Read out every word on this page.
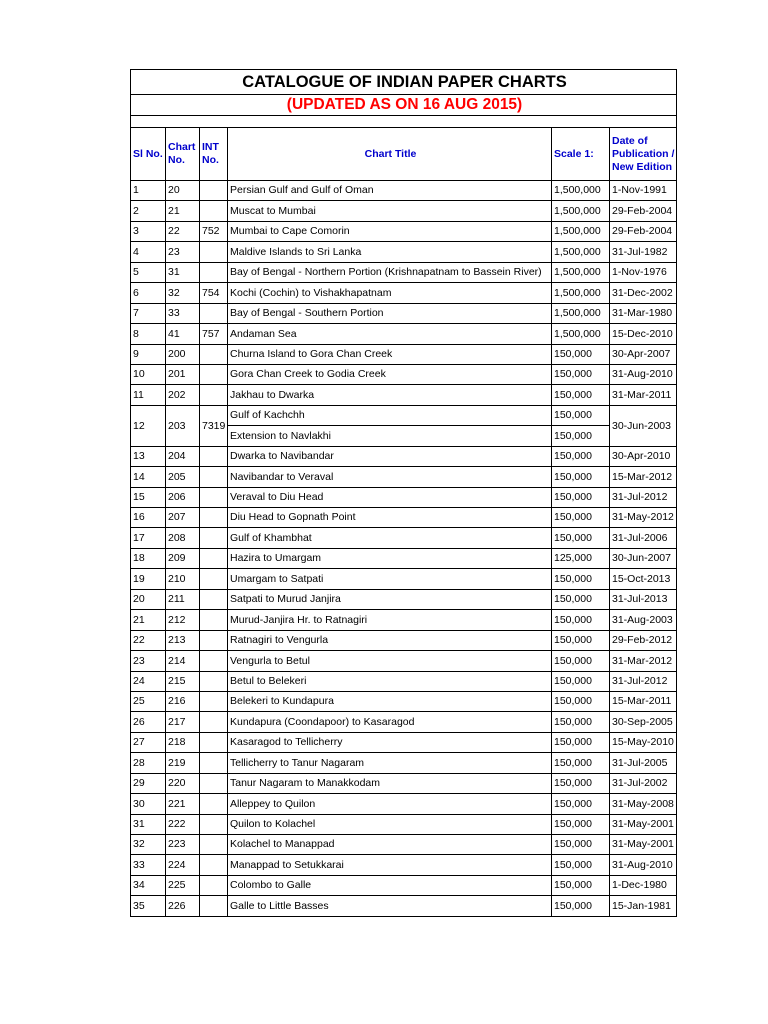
CATALOGUE OF INDIAN PAPER CHARTS					
(UPDATED AS ON 16 AUG 2015)					

Sl No.	Chart No.	INT No.	Chart Title	Scale 1:	Date of Publication / New Edition
1	20		Persian Gulf and Gulf of Oman	1,500,000	1-Nov-1991
2	21		Muscat to Mumbai	1,500,000	29-Feb-2004
3	22	752	Mumbai to Cape Comorin	1,500,000	29-Feb-2004
4	23		Maldive Islands to Sri Lanka	1,500,000	31-Jul-1982
5	31		Bay of Bengal - Northern Portion (Krishnapatnam to Bassein River)	1,500,000	1-Nov-1976
6	32	754	Kochi (Cochin) to Vishakhapatnam	1,500,000	31-Dec-2002
7	33		Bay of Bengal - Southern Portion	1,500,000	31-Mar-1980
8	41	757	Andaman Sea	1,500,000	15-Dec-2010
9	200		Churna Island to Gora Chan Creek	150,000	30-Apr-2007
10	201		Gora Chan Creek to Godia Creek	150,000	31-Aug-2010
11	202		Jakhau to Dwarka	150,000	31-Mar-2011
12	203	7319	Gulf of Kachchh	150,000	30-Jun-2003
			Extension to Navlakhi	150,000	
13	204		Dwarka to Navibandar	150,000	30-Apr-2010
14	205		Navibandar to Veraval	150,000	15-Mar-2012
15	206		Veraval to Diu Head	150,000	31-Jul-2012
16	207		Diu Head to Gopnath Point	150,000	31-May-2012
17	208		Gulf of Khambhat	150,000	31-Jul-2006
18	209		Hazira to Umargam	125,000	30-Jun-2007
19	210		Umargam to Satpati	150,000	15-Oct-2013
20	211		Satpati to Murud Janjira	150,000	31-Jul-2013
21	212		Murud-Janjira Hr. to Ratnagiri	150,000	31-Aug-2003
22	213		Ratnagiri to Vengurla	150,000	29-Feb-2012
23	214		Vengurla to Betul	150,000	31-Mar-2012
24	215		Betul to Belekeri	150,000	31-Jul-2012
25	216		Belekeri to Kundapura	150,000	15-Mar-2011
26	217		Kundapura (Coondapoor) to Kasaragod	150,000	30-Sep-2005
27	218		Kasaragod to Tellicherry	150,000	15-May-2010
28	219		Tellicherry to Tanur Nagaram	150,000	31-Jul-2005
29	220		Tanur Nagaram to Manakkodam	150,000	31-Jul-2002
30	221		Alleppey to Quilon	150,000	31-May-2008
31	222		Quilon to Kolachel	150,000	31-May-2001
32	223		Kolachel to Manappad	150,000	31-May-2001
33	224		Manappad to Setukkarai	150,000	31-Aug-2010
34	225		Colombo to Galle	150,000	1-Dec-1980
35	226		Galle to Little Basses	150,000	15-Jan-1981
